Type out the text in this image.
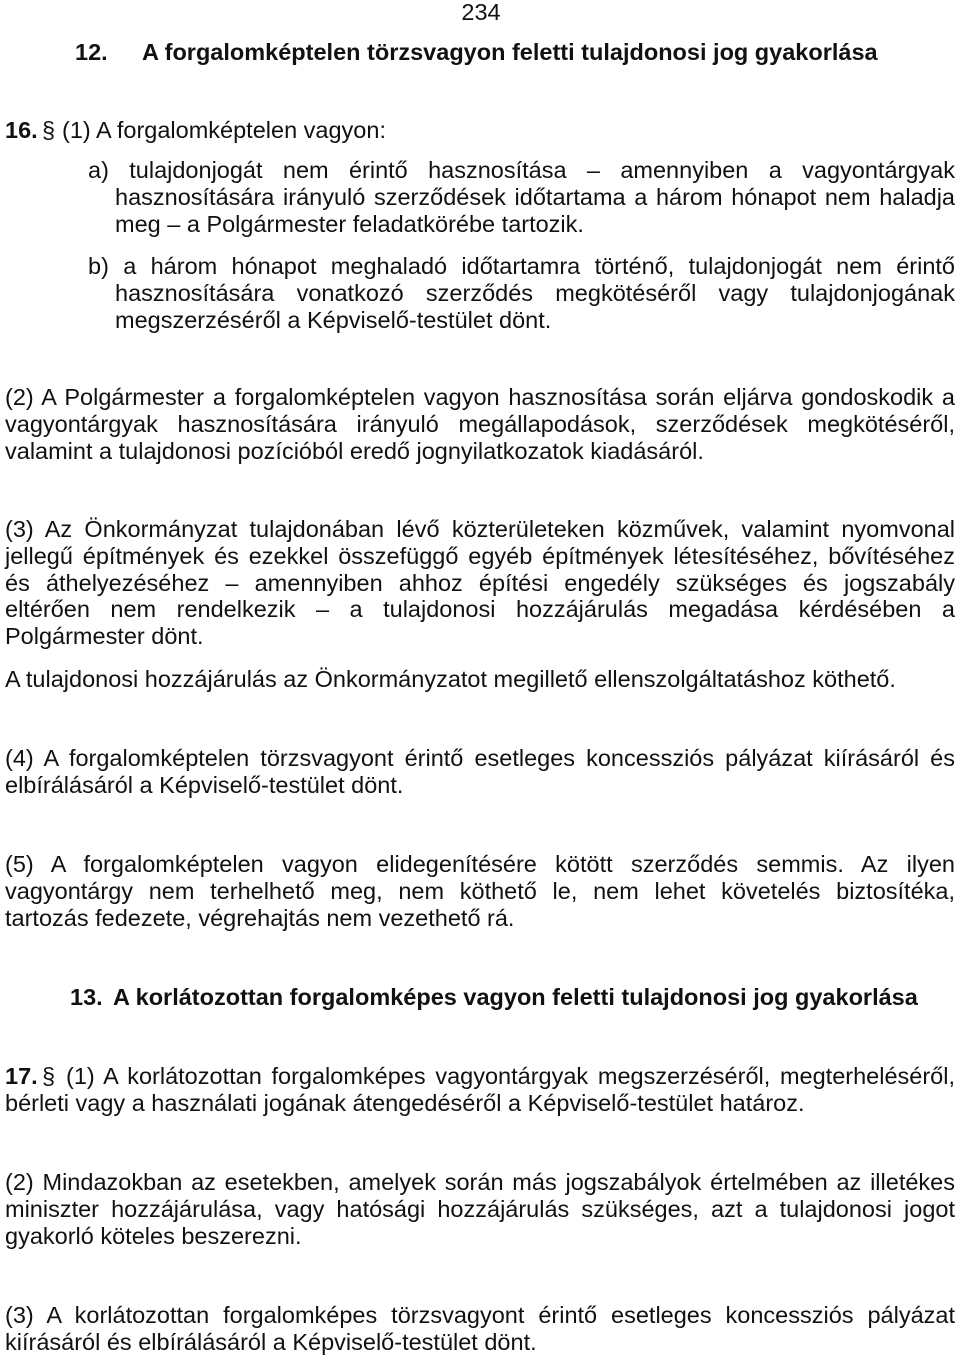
234
12. A forgalomképtelen törzsvagyon feletti tulajdonosi jog gyakorlása
16. § (1) A forgalomképtelen vagyon:
a) tulajdonjogát nem érintő hasznosítása – amennyiben a vagyontárgyak
hasznosítására irányuló szerződések időtartama a három hónapot nem haladja
meg – a Polgármester feladatkörébe tartozik.
b) a három hónapot meghaladó időtartamra történő, tulajdonjogát nem érintő
hasznosítására vonatkozó szerződés megkötéséről vagy tulajdonjogának
megszerzéséről a Képviselő-testület dönt.
(2) A Polgármester a forgalomképtelen vagyon hasznosítása során eljárva gondoskodik a
vagyontárgyak hasznosítására irányuló megállapodások, szerződések megkötéséről,
valamint a tulajdonosi pozícióból eredő jognyilatkozatok kiadásáról.
(3) Az Önkormányzat tulajdonában lévő közterületeken közművek, valamint nyomvonal
jellegű építmények és ezekkel összefüggő egyéb építmények létesítéséhez, bővítéséhez
és áthelyezéséhez – amennyiben ahhoz építési engedély szükséges és jogszabály
eltérően nem rendelkezik – a tulajdonosi hozzájárulás megadása kérdésében a
Polgármester dönt.
A tulajdonosi hozzájárulás az Önkormányzatot megillető ellenszolgáltatáshoz köthető.
(4) A forgalomképtelen törzsvagyont érintő esetleges koncessziós pályázat kiírásáról és
elbírálásáról a Képviselő-testület dönt.
(5) A forgalomképtelen vagyon elidegenítésére kötött szerződés semmis. Az ilyen
vagyontárgy nem terhelhető meg, nem köthető le, nem lehet követelés biztosítéka,
tartozás fedezete, végrehajtás nem vezethető rá.
13. A korlátozottan forgalomképes vagyon feletti tulajdonosi jog gyakorlása
17. § (1) A korlátozottan forgalomképes vagyontárgyak megszerzéséről, megterheléséről,
bérleti vagy a használati jogának átengedéséről a Képviselő-testület határoz.
(2) Mindazokban az esetekben, amelyek során más jogszabályok értelmében az illetékes
miniszter hozzájárulása, vagy hatósági hozzájárulás szükséges, azt a tulajdonosi jogot
gyakorló köteles beszerezni.
(3) A korlátozottan forgalomképes törzsvagyont érintő esetleges koncessziós pályázat
kiírásáról és elbírálásáról a Képviselő-testület dönt.
